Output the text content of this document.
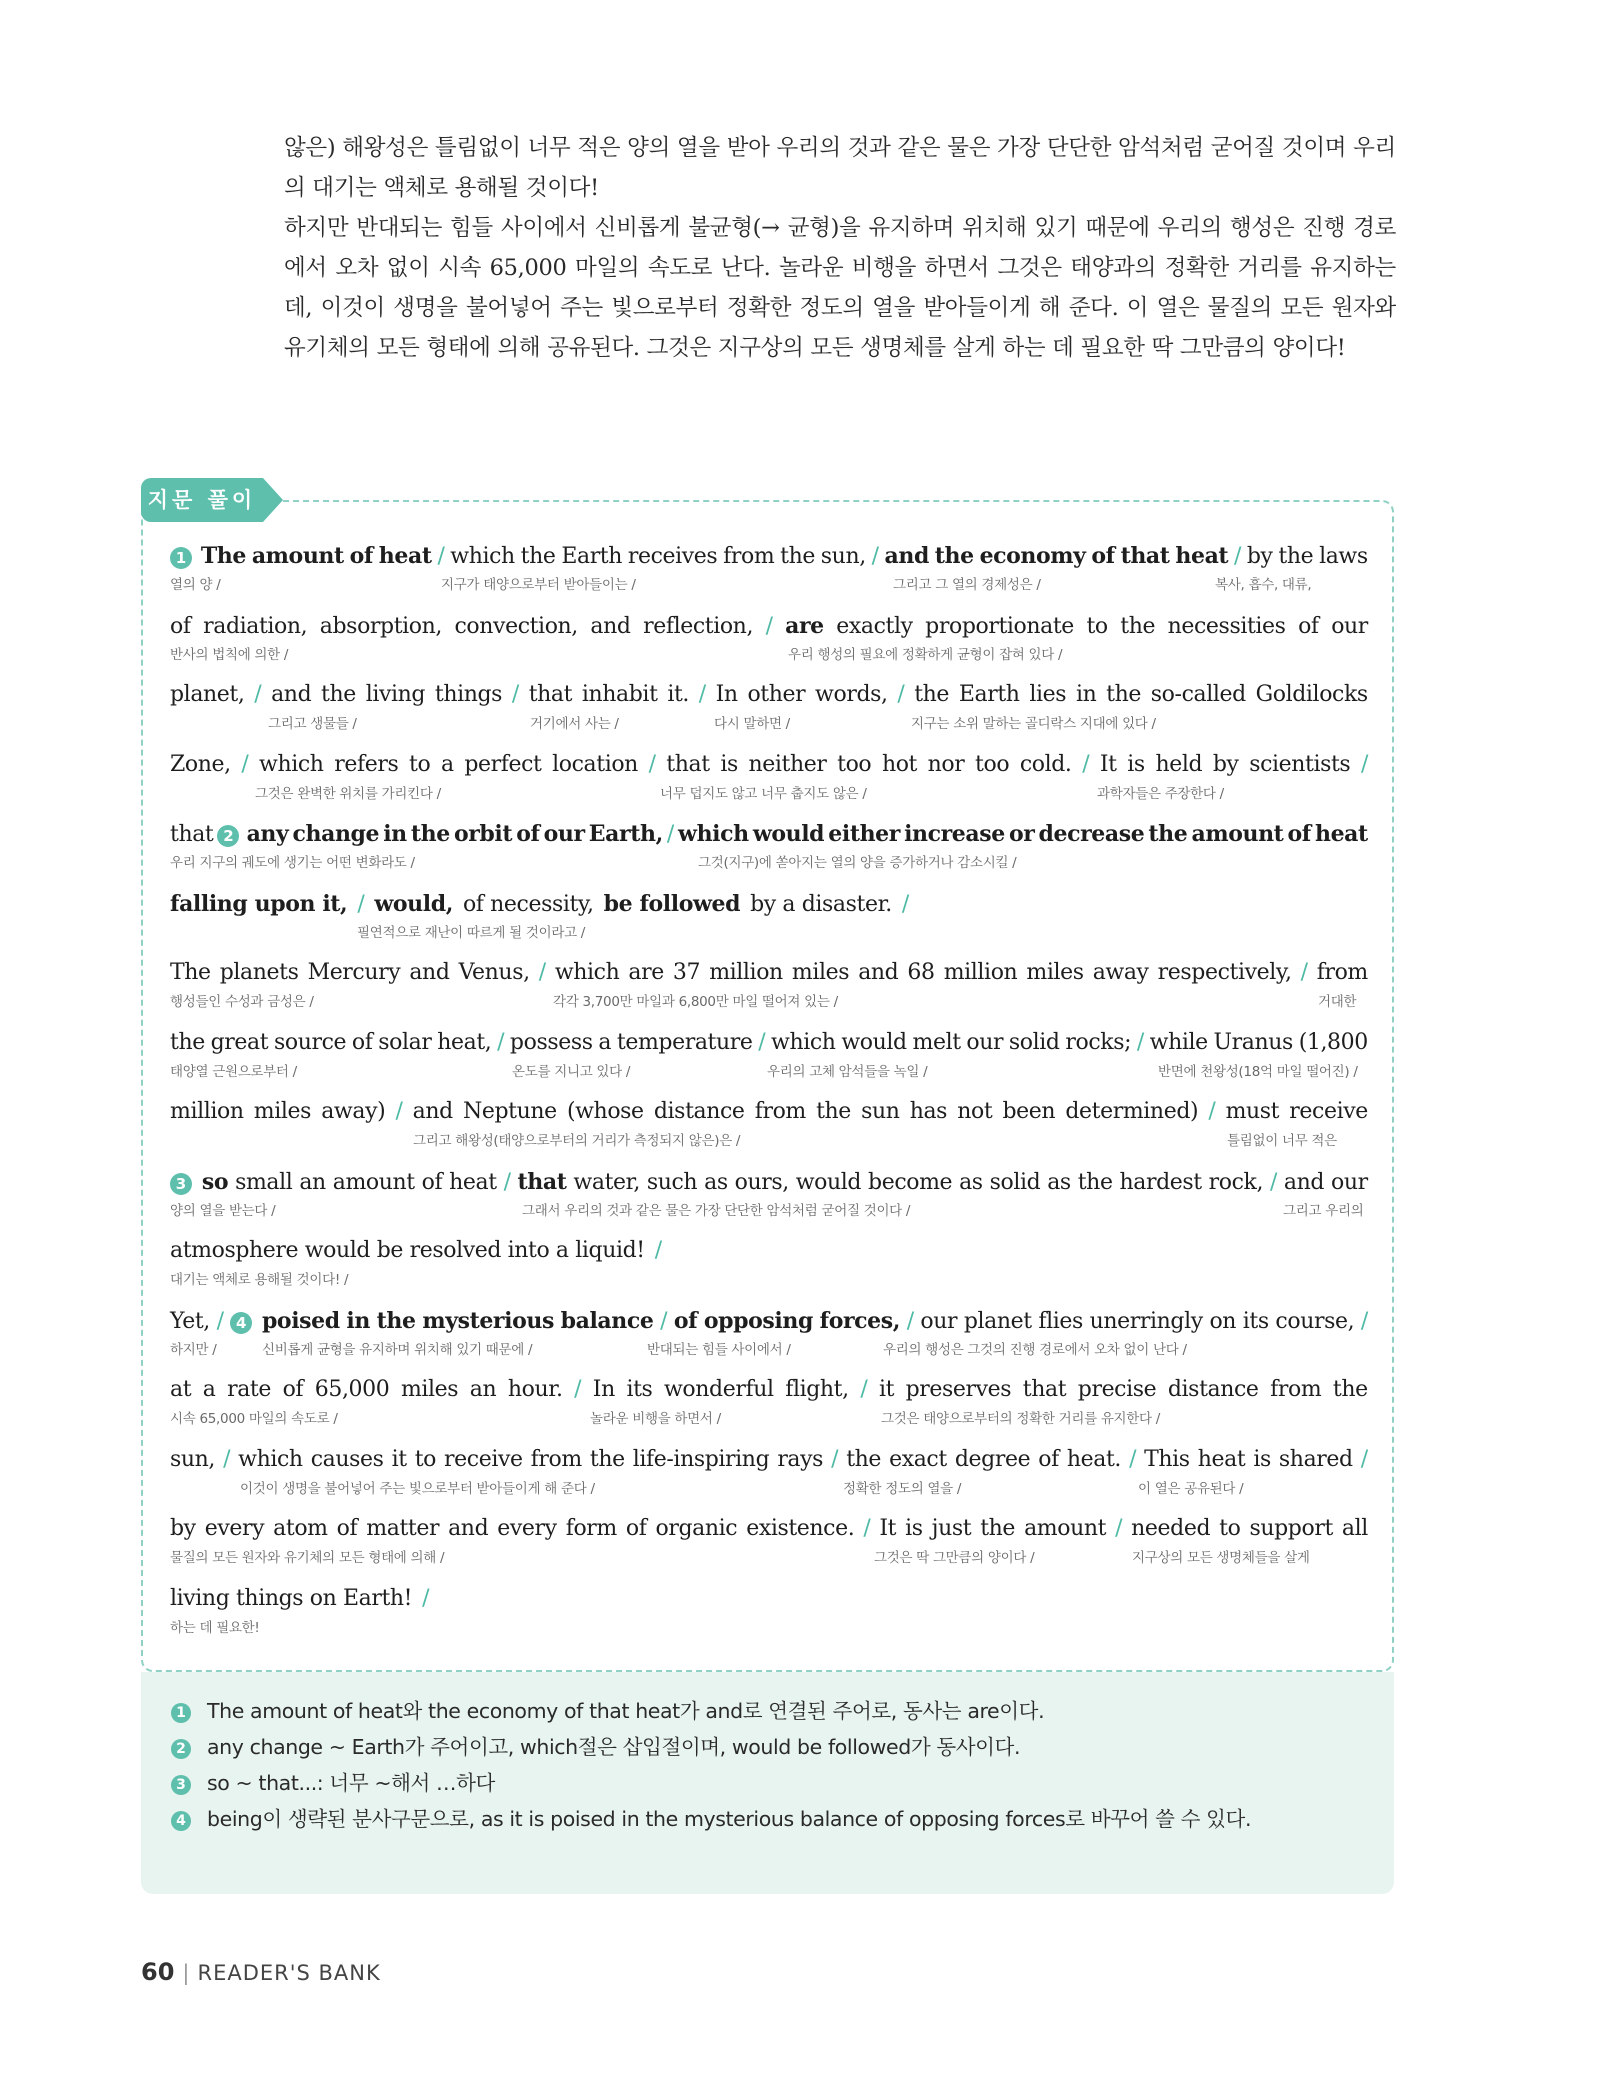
않은) 해왕성은 틀림없이 너무 적은 양의 열을 받아 우리의 것과 같은 물은 가장 단단한 암석처럼 굳어질 것이며 우리의 대기는 액체로 용해될 것이다!

하지만 반대되는 힘들 사이에서 신비롭게 불균형(→ 균형)을 유지하며 위치해 있기 때문에 우리의 행성은 진행 경로에서 오차 없이 시속 65,000 마일의 속도로 난다. 놀라운 비행을 하면서 그것은 태양과의 정확한 거리를 유지하는데, 이것이 생명을 불어넣어 주는 빛으로부터 정확한 정도의 열을 받아들이게 해 준다. 이 열은 물질의 모든 원자와 유기체의 모든 형태에 의해 공유된다. 그것은 지구상의 모든 생명체를 살게 하는 데 필요한 딱 그만큼의 양이다!

지문 풀이
1 The amount of heat / which the Earth receives from the sun, / and the economy of that heat / by the laws
열의 양 /	지구가 태양으로부터 받아들이는 /	그리고 그 열의 경제성은 /	복사, 흡수, 대류,
of radiation, absorption, convection, and reflection, / are exactly proportionate to the necessities of our
반사의 법칙에 의한 /	우리 행성의 필요에 정확하게 균형이 잡혀 있다 /
planet, / and the living things / that inhabit it. / In other words, / the Earth lies in the so-called Goldilocks
그리고 생물들 /	거기에서 사는 /	다시 말하면 /	지구는 소위 말하는 골디락스 지대에 있다 /
Zone, / which refers to a perfect location / that is neither too hot nor too cold. / It is held by scientists /
그것은 완벽한 위치를 가리킨다 /	너무 덥지도 않고 너무 춥지도 않은 /	과학자들은 주장한다 /
that 2 any change in the orbit of our Earth, / which would either increase or decrease the amount of heat
우리 지구의 궤도에 생기는 어떤 변화라도 /	그것(지구)에 쏟아지는 열의 양을 증가하거나 감소시킬 /
falling upon it, / would, of necessity, be followed by a disaster. /
필연적으로 재난이 따르게 될 것이라고 /
The planets Mercury and Venus, / which are 37 million miles and 68 million miles away respectively, / from
행성들인 수성과 금성은 /	각각 3,700만 마일과 6,800만 마일 떨어져 있는 /	거대한
the great source of solar heat, / possess a temperature / which would melt our solid rocks; / while Uranus (1,800
태양열 근원으로부터 /	온도를 지니고 있다 /	우리의 고체 암석들을 녹일 /	반면에 천왕성(18억 마일 떨어진) /
million miles away) / and Neptune (whose distance from the sun has not been determined) / must receive
그리고 해왕성(태양으로부터의 거리가 측정되지 않은)은 /	틀림없이 너무 적은
3 so small an amount of heat / that water, such as ours, would become as solid as the hardest rock, / and our
양의 열을 받는다 /	그래서 우리의 것과 같은 물은 가장 단단한 암석처럼 굳어질 것이다 /	그리고 우리의
atmosphere would be resolved into a liquid! /
대기는 액체로 용해될 것이다! /
Yet, / 4 poised in the mysterious balance / of opposing forces, / our planet flies unerringly on its course, /
하지만 /	신비롭게 균형을 유지하며 위치해 있기 때문에 /	반대되는 힘들 사이에서 /	우리의 행성은 그것의 진행 경로에서 오차 없이 난다 /
at a rate of 65,000 miles an hour. / In its wonderful flight, / it preserves that precise distance from the
시속 65,000 마일의 속도로 /	놀라운 비행을 하면서 /	그것은 태양으로부터의 정확한 거리를 유지한다 /
sun, / which causes it to receive from the life-inspiring rays / the exact degree of heat. / This heat is shared /
이것이 생명을 불어넣어 주는 빛으로부터 받아들이게 해 준다 /	정확한 정도의 열을 /	이 열은 공유된다 /
by every atom of matter and every form of organic existence. / It is just the amount / needed to support all
물질의 모든 원자와 유기체의 모든 형태에 의해 /	그것은 딱 그만큼의 양이다 /	지구상의 모든 생명체들을 살게
living things on Earth! /
하는 데 필요한!
1 The amount of heat와 the economy of that heat가 and로 연결된 주어로, 동사는 are이다.
2 any change ~ Earth가 주어이고, which절은 삽입절이며, would be followed가 동사이다.
3 so ~ that...: 너무 ~해서 …하다
4 being이 생략된 분사구문으로, as it is poised in the mysterious balance of opposing forces로 바꾸어 쓸 수 있다.
60 | READER'S BANK
